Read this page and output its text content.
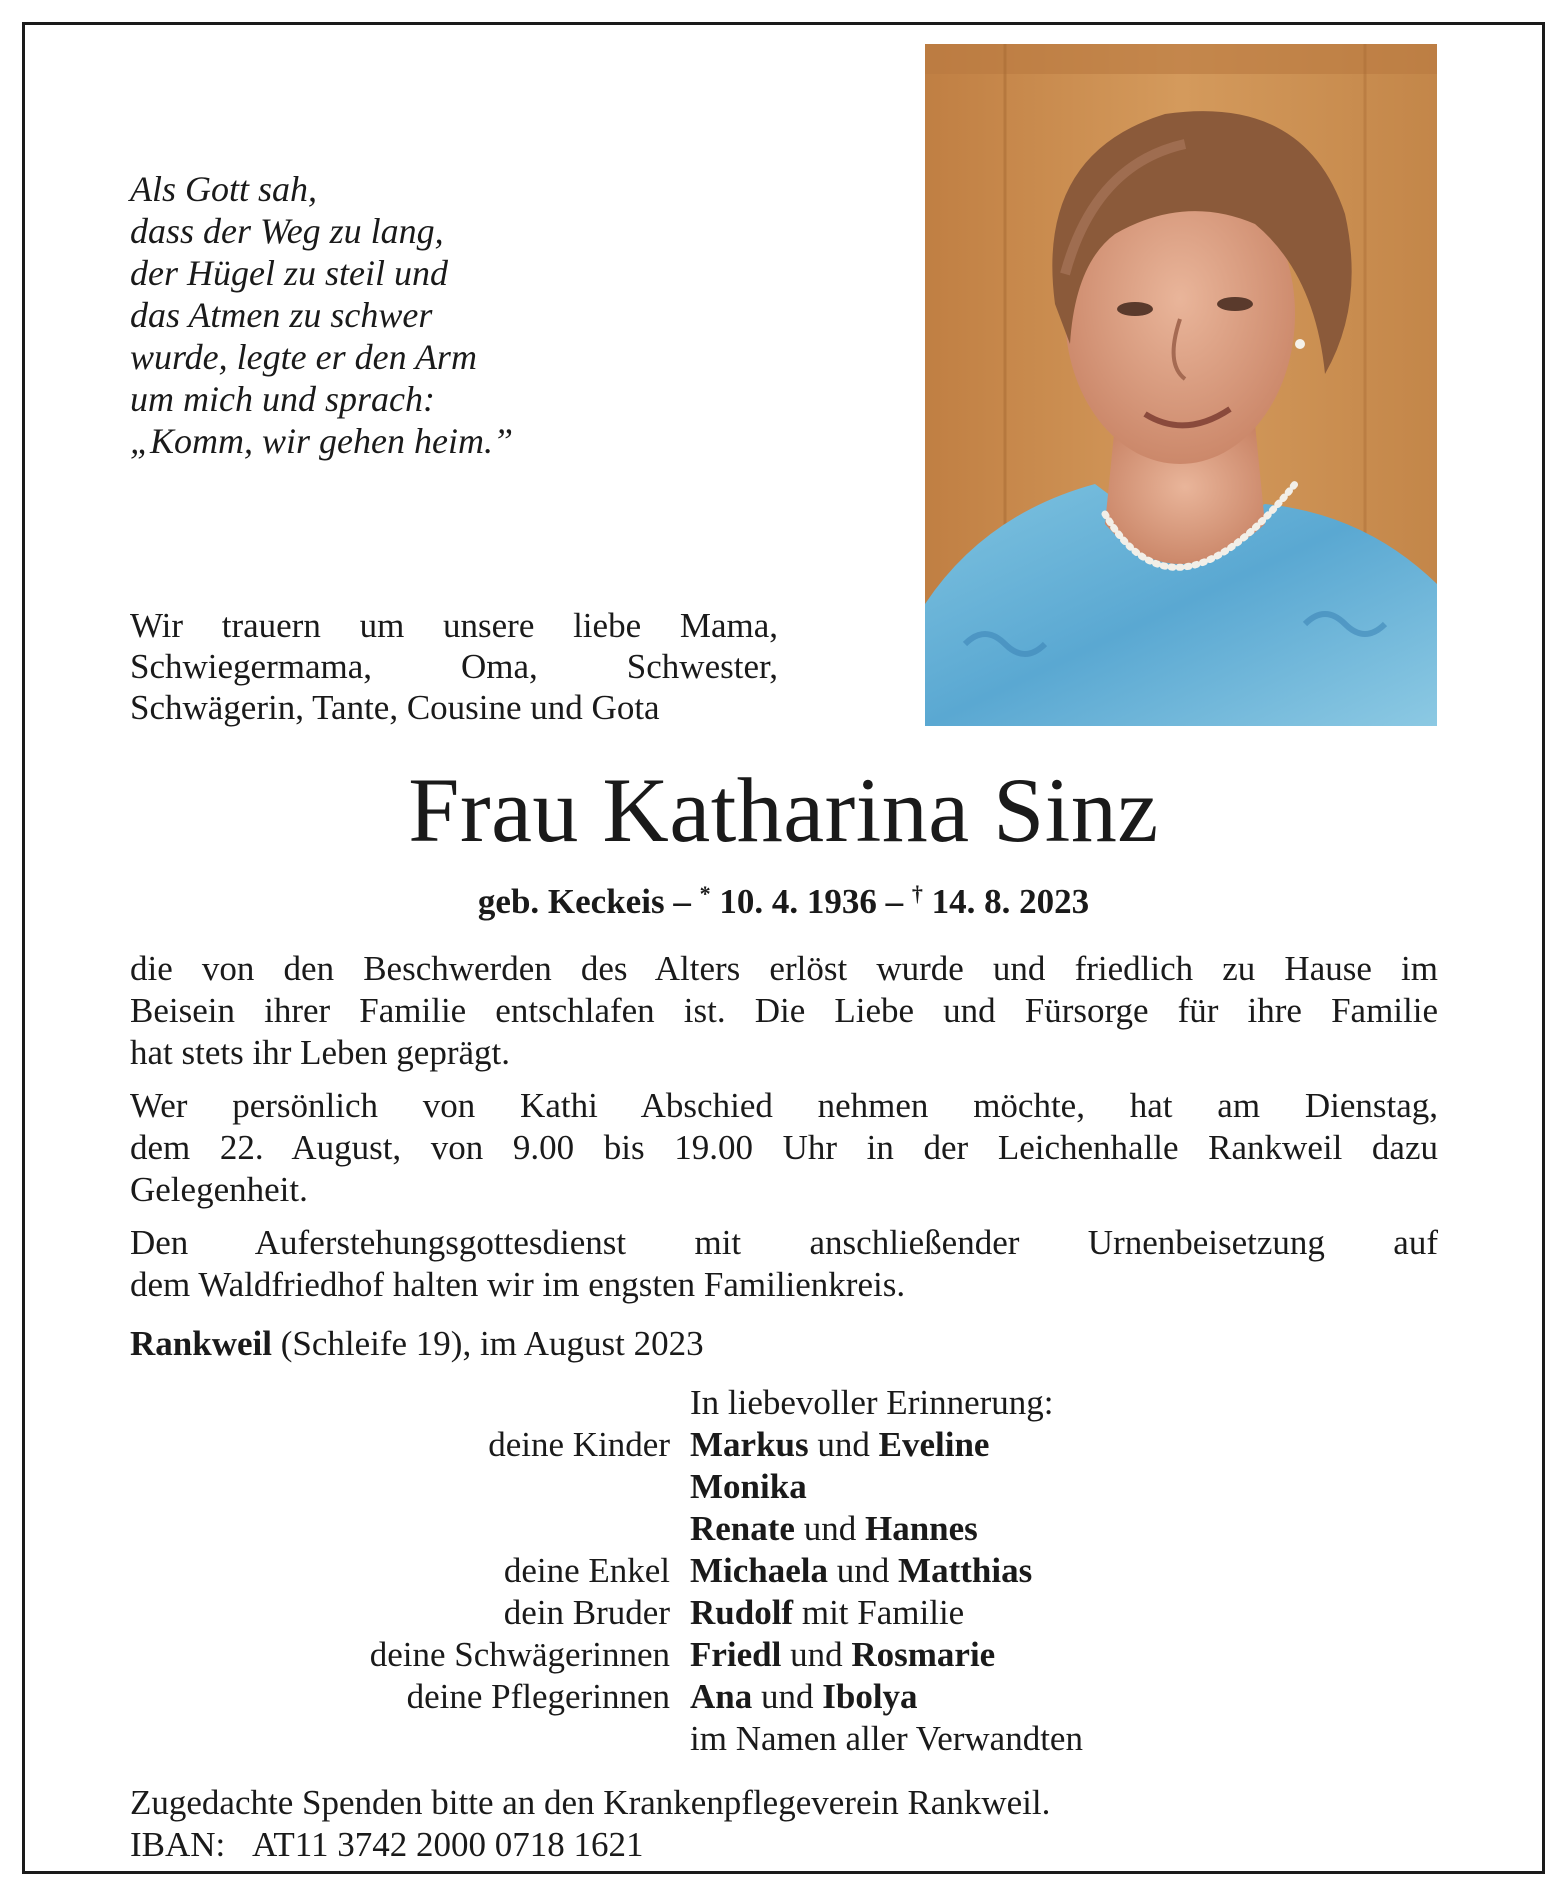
Als Gott sah,
dass der Weg zu lang,
der Hügel zu steil und
das Atmen zu schwer
wurde, legte er den Arm
um mich und sprach:
„Komm, wir gehen heim.”
Wir trauern um unsere liebe Mama,
Schwiegermama, Oma, Schwester,
Schwägerin, Tante, Cousine und Gota
Frau Katharina Sinz
geb. Keckeis – * 10. 4. 1936 – † 14. 8. 2023
die von den Beschwerden des Alters erlöst wurde und friedlich zu Hause im
Beisein ihrer Familie entschlafen ist. Die Liebe und Fürsorge für ihre Familie
hat stets ihr Leben geprägt.
Wer persönlich von Kathi Abschied nehmen möchte, hat am Dienstag,
dem 22. August, von 9.00 bis 19.00 Uhr in der Leichenhalle Rankweil dazu
Gelegenheit.
Den Auferstehungsgottesdienst mit anschließender Urnenbeisetzung auf
dem Waldfriedhof halten wir im engsten Familienkreis.
Rankweil (Schleife 19), im August 2023
In liebevoller Erinnerung:
deine Kinder Markus und Eveline
Monika
Renate und Hannes
deine Enkel Michaela und Matthias
dein Bruder Rudolf mit Familie
deine Schwägerinnen Friedl und Rosmarie
deine Pflegerinnen Ana und Ibolya
im Namen aller Verwandten
Zugedachte Spenden bitte an den Krankenpflegeverein Rankweil.
IBAN: AT11 3742 2000 0718 1621
